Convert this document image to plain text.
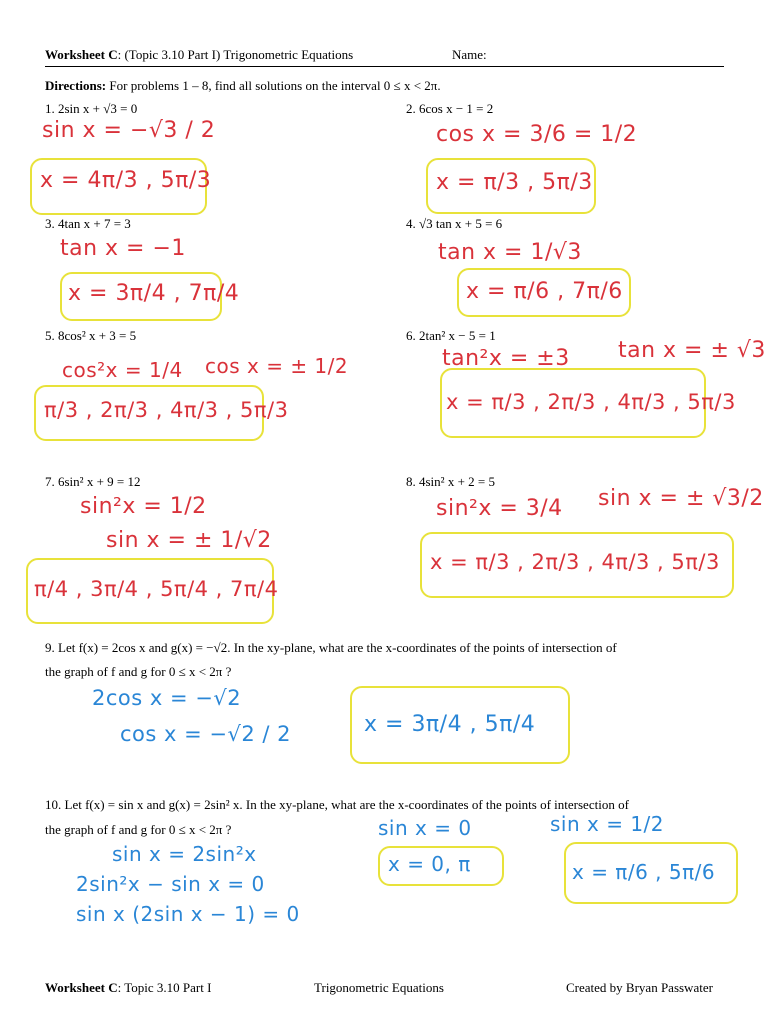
Worksheet C: (Topic 3.10 Part I) Trigonometric Equations	Name:
Directions: For problems 1 – 8, find all solutions on the interval 0 ≤ x < 2π.
1. 2sin x + √3 = 0
sin x = −√3 / 2
x = 4π/3 , 5π/3
2. 6cos x − 1 = 2
cos x = 3/6 = 1/2
x = π/3 , 5π/3
3. 4tan x + 7 = 3
tan x = −1
x = 3π/4 , 7π/4
4. √3 tan x + 5 = 6
tan x = 1/√3
x = π/6 , 7π/6
5. 8cos² x + 3 = 5
cos²x = 1/4 cos x = ± 1/2
π/3 , 2π/3 , 4π/3 , 5π/3
6. 2tan² x − 5 = 1
tan²x = ±3 tan x = ± √3
x = π/3 , 2π/3 , 4π/3 , 5π/3
7. 6sin² x + 9 = 12
sin²x = 1/2
sin x = ± 1/√2
π/4 , 3π/4 , 5π/4 , 7π/4
8. 4sin² x + 2 = 5
sin²x = 3/4 sin x = ± √3/2
x = π/3 , 2π/3 , 4π/3 , 5π/3
9. Let f(x) = 2cos x and g(x) = −√2. In the xy-plane, what are the x-coordinates of the points of intersection of
the graph of f and g for 0 ≤ x < 2π ?
2cos x = −√2
cos x = −√2 / 2	x = 3π/4 , 5π/4
10. Let f(x) = sin x and g(x) = 2sin² x. In the xy-plane, what are the x-coordinates of the points of intersection of
the graph of f and g for 0 ≤ x < 2π ?
sin x = 2sin²x
2sin²x − sin x = 0
sin x (2sin x − 1) = 0
sin x = 0
x = 0, π
sin x = 1/2
x = π/6 , 5π/6
Worksheet C: Topic 3.10 Part I	Trigonometric Equations	Created by Bryan Passwater
